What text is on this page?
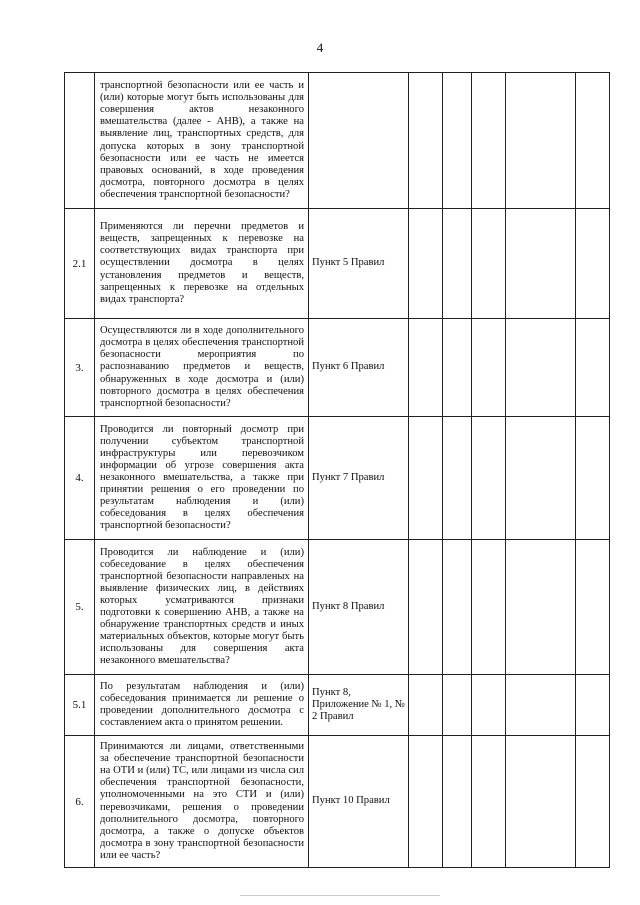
4

	транспортной безопасности или ее часть и (или) которые могут быть использованы для совершения актов незаконного вмешательства (далее - АНВ), а также на выявление лиц, транспортных средств, для допуска которых в зону транспортной безопасности или ее часть не имеется правовых оснований, в ходе проведения досмотра, повторного досмотра в целях обеспечения транспортной безопасности?						

2.1	Применяются ли перечни предметов и веществ, запрещенных к перевозке на соответствующих видах транспорта при осуществлении досмотра в целях установления предметов и веществ, запрещенных к перевозке на отдельных видах транспорта?	Пункт 5 Правил					

3.	Осуществляются ли в ходе дополнительного досмотра в целях обеспечения транспортной безопасности мероприятия по распознаванию предметов и веществ, обнаруженных в ходе досмотра и (или) повторного досмотра в целях обеспечения транспортной безопасности?	Пункт 6 Правил					

4.	Проводится ли повторный досмотр при получении субъектом транспортной инфраструктуры или перевозчиком информации об угрозе совершения акта незаконного вмешательства, а также при принятии решения о его проведении по результатам наблюдения и (или) собеседования в целях обеспечения транспортной безопасности?	Пункт 7 Правил					

5.	Проводится ли наблюдение и (или) собеседование в целях обеспечения транспортной безопасности направленых на выявление физических лиц, в действиях которых усматриваются признаки подготовки к совершению АНВ, а также на обнаружение транспортных средств и иных материальных объектов, которые могут быть использованы для совершения акта незаконного вмешательства?	Пункт 8 Правил					

5.1	По результатам наблюдения и (или) собеседования принимается ли решение о проведении дополнительного досмотра с составлением акта о принятом решении.	Пункт 8, Приложение № 1, № 2 Правил					

6.	Принимаются ли лицами, ответственными за обеспечение транспортной безопасности на ОТИ и (или) ТС, или лицами из числа сил обеспечения транспортной безопасности, уполномоченными на это СТИ и (или) перевозчиками, решения о проведении дополнительного досмотра, повторного досмотра, а также о допуске объектов досмотра в зону транспортной безопасности или ее часть?	Пункт 10 Правил					
